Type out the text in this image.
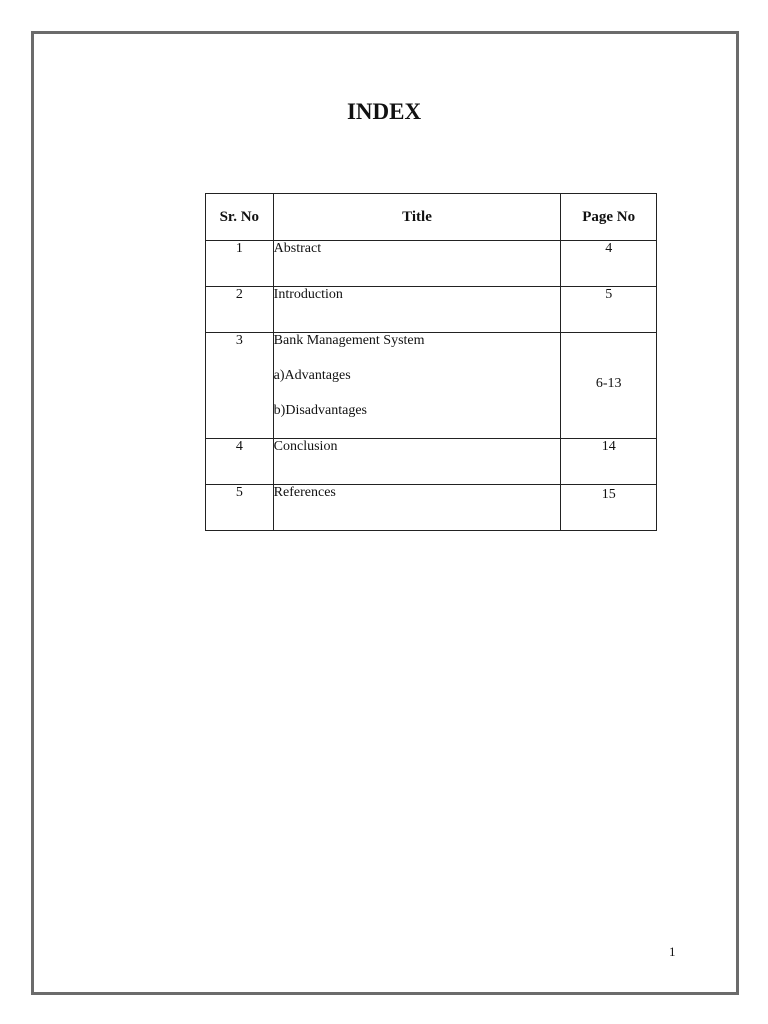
INDEX
Sr. No	Title	Page No
1	Abstract	4
2	Introduction	5
3	Bank Management System
a)Advantages
b)Disadvantages	6-13
4	Conclusion	14
5	References	15
1
